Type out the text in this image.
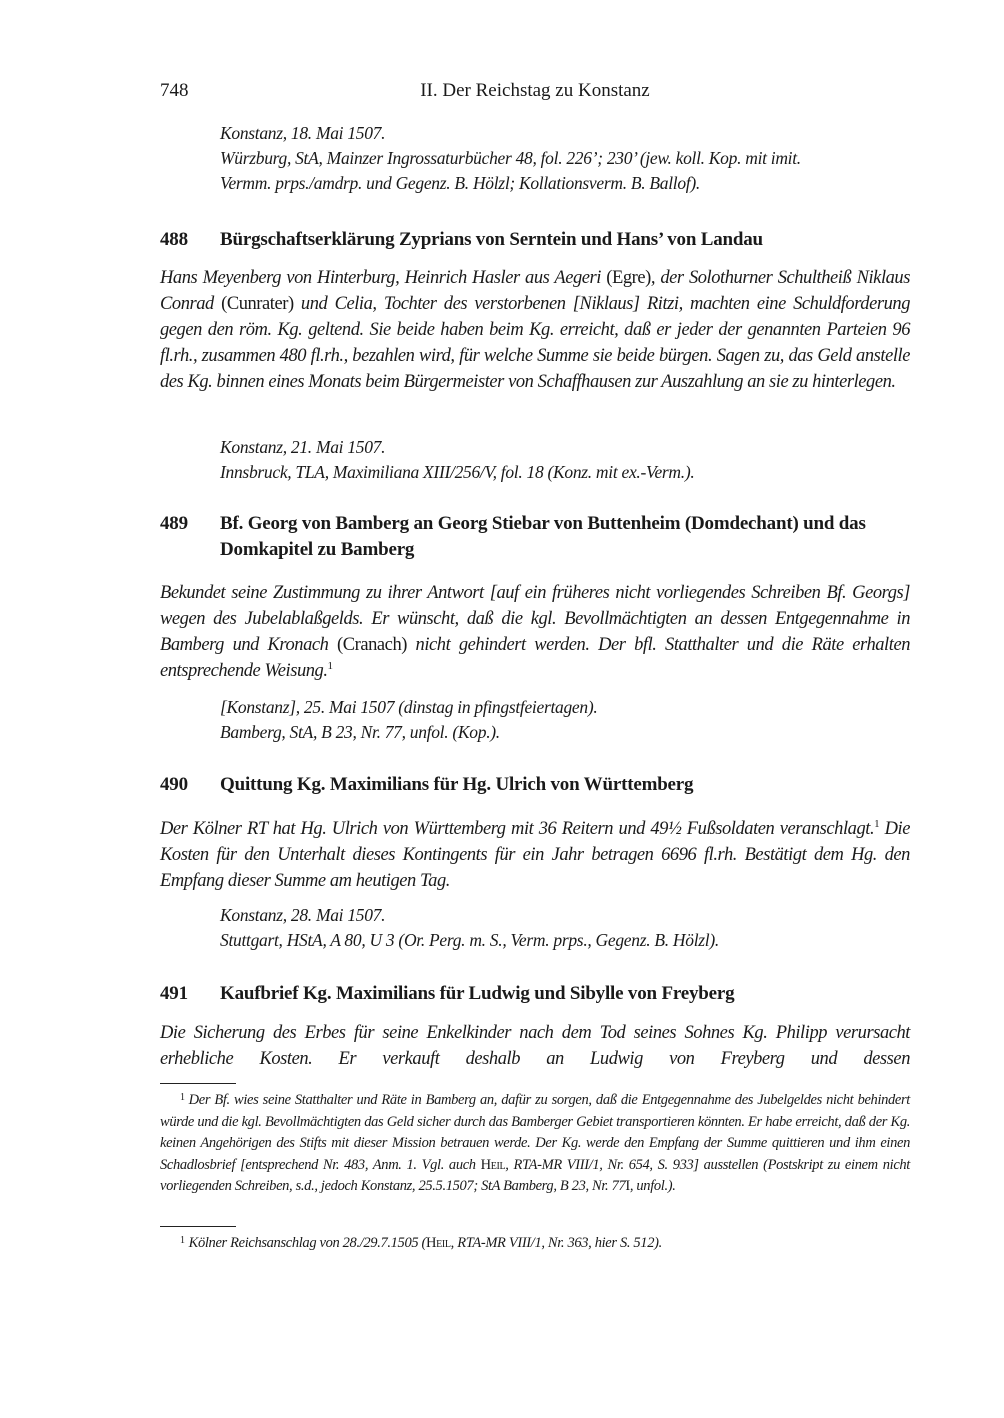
748	II. Der Reichstag zu Konstanz
Konstanz, 18. Mai 1507.
Würzburg, StA, Mainzer Ingrossaturbücher 48, fol. 226’; 230’ (jew. koll. Kop. mit imit.
Vermm. prps./amdrp. und Gegenz. B. Hölzl; Kollationsverm. B. Ballof).
488 Bürgschaftserklärung Zyprians von Serntein und Hans’ von Landau
Hans Meyenberg von Hinterburg, Heinrich Hasler aus Aegeri (Egre), der Solothurner Schultheiß Niklaus Conrad (Cunrater) und Celia, Tochter des verstorbenen [Niklaus] Ritzi, machten eine Schuldforderung gegen den röm. Kg. geltend. Sie beide haben beim Kg. erreicht, daß er jeder der genannten Parteien 96 fl.rh., zusammen 480 fl.rh., bezahlen wird, für welche Summe sie beide bürgen. Sagen zu, das Geld anstelle des Kg. binnen eines Monats beim Bürgermeister von Schaffhausen zur Auszahlung an sie zu hinterlegen.
Konstanz, 21. Mai 1507.
Innsbruck, TLA, Maximiliana XIII/256/V, fol. 18 (Konz. mit ex.-Verm.).
489 Bf. Georg von Bamberg an Georg Stiebar von Buttenheim (Domdechant) und das Domkapitel zu Bamberg
Bekundet seine Zustimmung zu ihrer Antwort [auf ein früheres nicht vorliegendes Schreiben Bf. Georgs] wegen des Jubelablaßgelds. Er wünscht, daß die kgl. Bevollmächtigten an dessen Entgegennahme in Bamberg und Kronach (Cranach) nicht gehindert werden. Der bfl. Statthalter und die Räte erhalten entsprechende Weisung.$^1$
[Konstanz], 25. Mai 1507 (dinstag in pfingstfeiertagen).
Bamberg, StA, B 23, Nr. 77, unfol. (Kop.).
490 Quittung Kg. Maximilians für Hg. Ulrich von Württemberg
Der Kölner RT hat Hg. Ulrich von Württemberg mit 36 Reitern und 49½ Fußsoldaten veranschlagt.$^1$ Die Kosten für den Unterhalt dieses Kontingents für ein Jahr betragen 6696 fl.rh. Bestätigt dem Hg. den Empfang dieser Summe am heutigen Tag.
Konstanz, 28. Mai 1507.
Stuttgart, HStA, A 80, U 3 (Or. Perg. m. S., Verm. prps., Gegenz. B. Hölzl).
491 Kaufbrief Kg. Maximilians für Ludwig und Sibylle von Freyberg
Die Sicherung des Erbes für seine Enkelkinder nach dem Tod seines Sohnes Kg. Philipp verursacht erhebliche Kosten. Er verkauft deshalb an Ludwig von Freyberg und dessen
$^1$ Der Bf. wies seine Statthalter und Räte in Bamberg an, dafür zu sorgen, daß die Entgegennahme des Jubelgeldes nicht behindert würde und die kgl. Bevollmächtigten das Geld sicher durch das Bamberger Gebiet transportieren könnten. Er habe erreicht, daß der Kg. keinen Angehörigen des Stifts mit dieser Mission betrauen werde. Der Kg. werde den Empfang der Summe quittieren und ihm einen Schadlosbrief [entsprechend Nr. 483, Anm. 1. Vgl. auch Heil, RTA-MR VIII/1, Nr. 654, S. 933] ausstellen (Postskript zu einem nicht vorliegenden Schreiben, s.d., jedoch Konstanz, 25.5.1507; StA Bamberg, B 23, Nr. 77I, unfol.).
$^1$ Kölner Reichsanschlag von 28./29.7.1505 (Heil, RTA-MR VIII/1, Nr. 363, hier S. 512).
